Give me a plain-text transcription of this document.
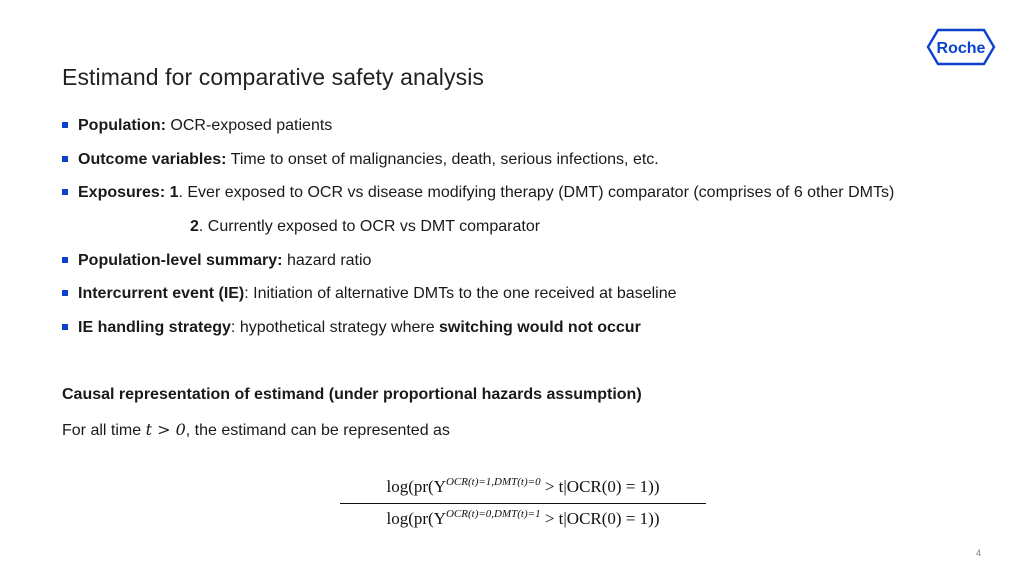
Roche
Estimand for comparative safety analysis
Population: OCR-exposed patients
Outcome variables: Time to onset of malignancies, death, serious infections, etc.
Exposures: 1. Ever exposed to OCR vs disease modifying therapy (DMT) comparator (comprises of 6 other DMTs)
2. Currently exposed to OCR vs DMT comparator
Population-level summary: hazard ratio
Intercurrent event (IE): Initiation of alternative DMTs to the one received at baseline
IE handling strategy: hypothetical strategy where switching would not occur
Causal representation of estimand (under proportional hazards assumption)
For all time t > 0, the estimand can be represented as
$\log(pr(Y^{OCR(t)=1,DMT(t)=0} > t|OCR(0) = 1))$
$\log(pr(Y^{OCR(t)=0,DMT(t)=1} > t|OCR(0) = 1))$
4
